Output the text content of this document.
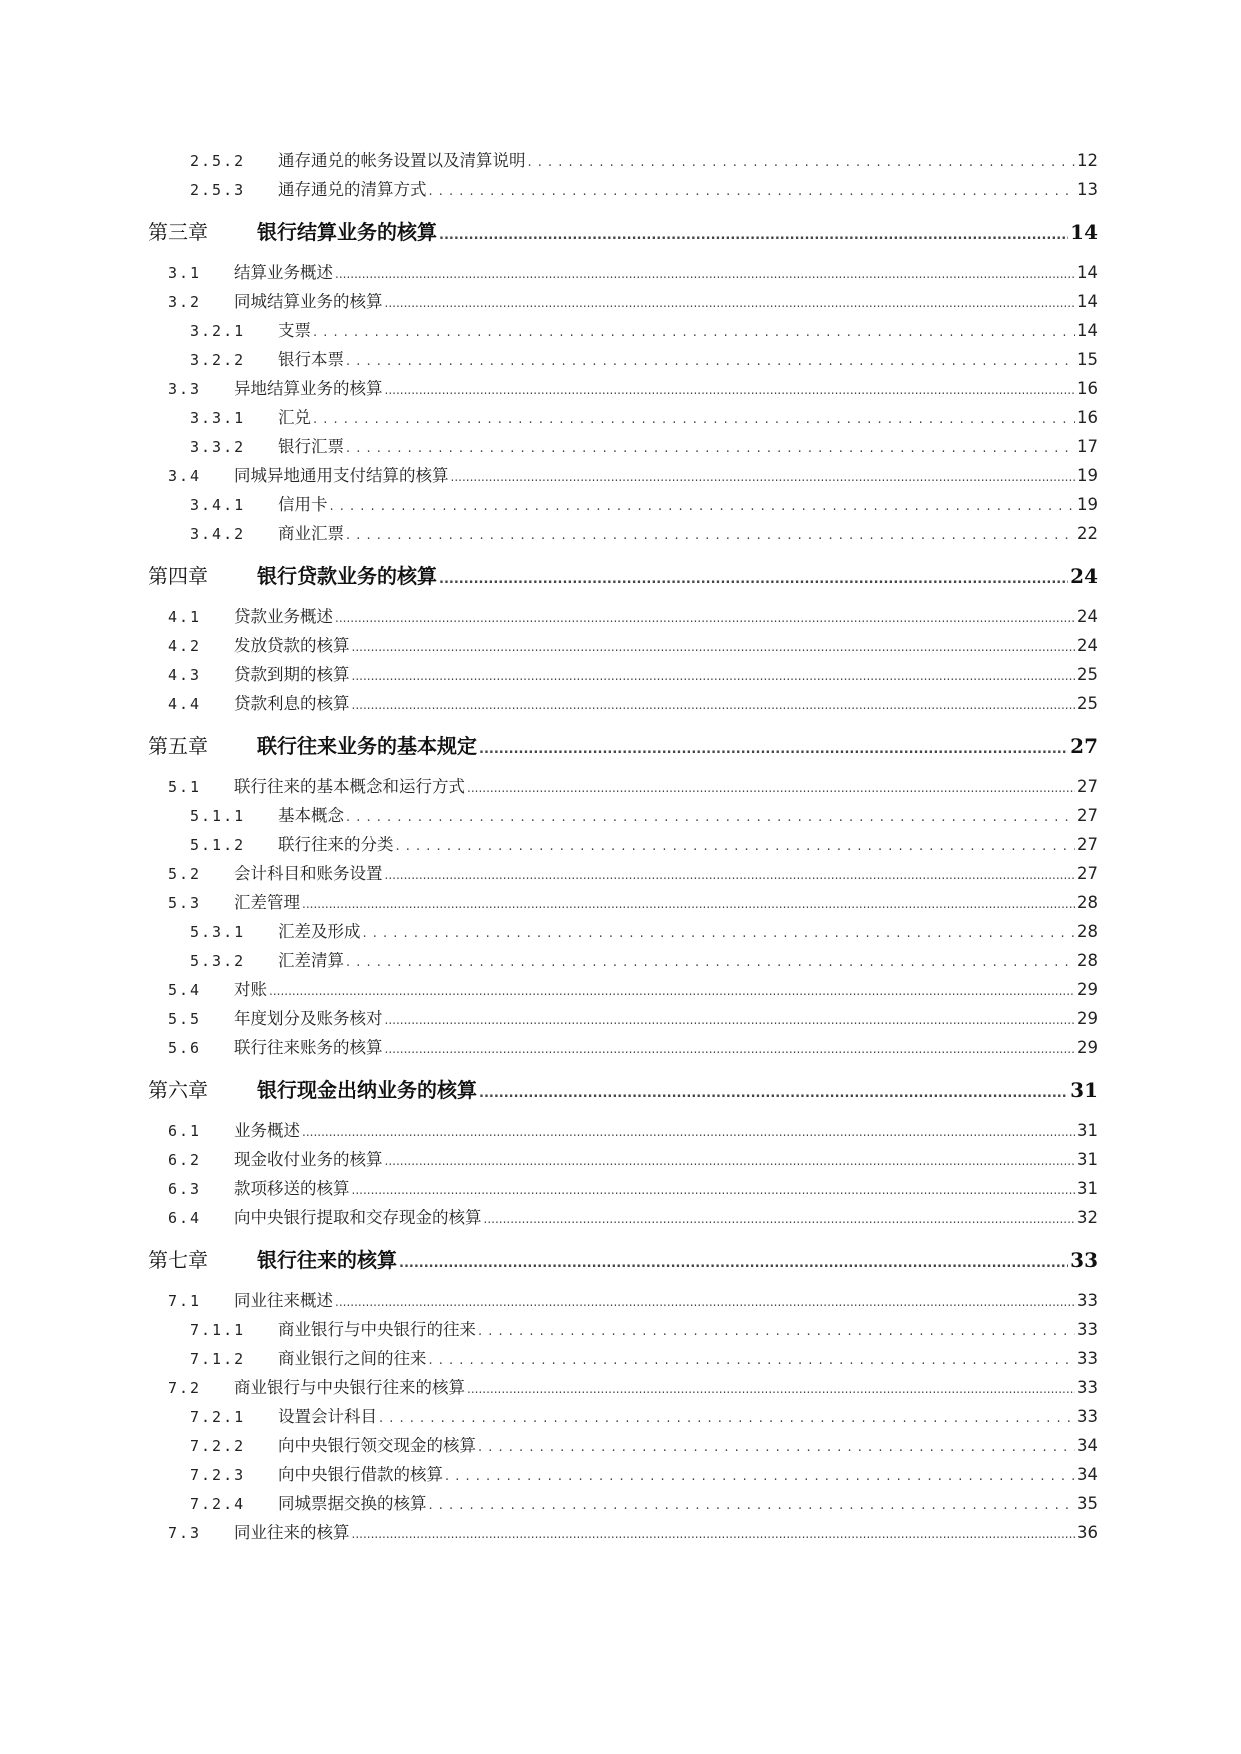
2.5.2	通存通兑的帐务设置以及清算说明 . . .	12
2.5.3	通存通兑的清算方式 . . .	13
第三章	银行结算业务的核算 .....	14
3.1	结算业务概述 .....	14
3.2	同城结算业务的核算 .....	14
3.2.1	支票 . . .	14
3.2.2	银行本票 . . .	15
3.3	异地结算业务的核算 .....	16
3.3.1	汇兑 . . .	16
3.3.2	银行汇票 . . .	17
3.4	同城异地通用支付结算的核算 .....	19
3.4.1	信用卡 . . .	19
3.4.2	商业汇票 . . .	22
第四章	银行贷款业务的核算 .....	24
4.1	贷款业务概述 .....	24
4.2	发放贷款的核算 .....	24
4.3	贷款到期的核算 .....	25
4.4	贷款利息的核算 .....	25
第五章	联行往来业务的基本规定 .....	27
5.1	联行往来的基本概念和运行方式 .....	27
5.1.1	基本概念 . . .	27
5.1.2	联行往来的分类 . . .	27
5.2	会计科目和账务设置 .....	27
5.3	汇差管理 .....	28
5.3.1	汇差及形成 . . .	28
5.3.2	汇差清算 . . .	28
5.4	对账 .....	29
5.5	年度划分及账务核对 .....	29
5.6	联行往来账务的核算 .....	29
第六章	银行现金出纳业务的核算 .....	31
6.1	业务概述 .....	31
6.2	现金收付业务的核算 .....	31
6.3	款项移送的核算 .....	31
6.4	向中央银行提取和交存现金的核算 .....	32
第七章	银行往来的核算 .....	33
7.1	同业往来概述 .....	33
7.1.1	商业银行与中央银行的往来 . . .	33
7.1.2	商业银行之间的往来 . . .	33
7.2	商业银行与中央银行往来的核算 .....	33
7.2.1	设置会计科目 . . .	33
7.2.2	向中央银行领交现金的核算 . . .	34
7.2.3	向中央银行借款的核算 . . .	34
7.2.4	同城票据交换的核算 . . .	35
7.3	同业往来的核算 .....	36
